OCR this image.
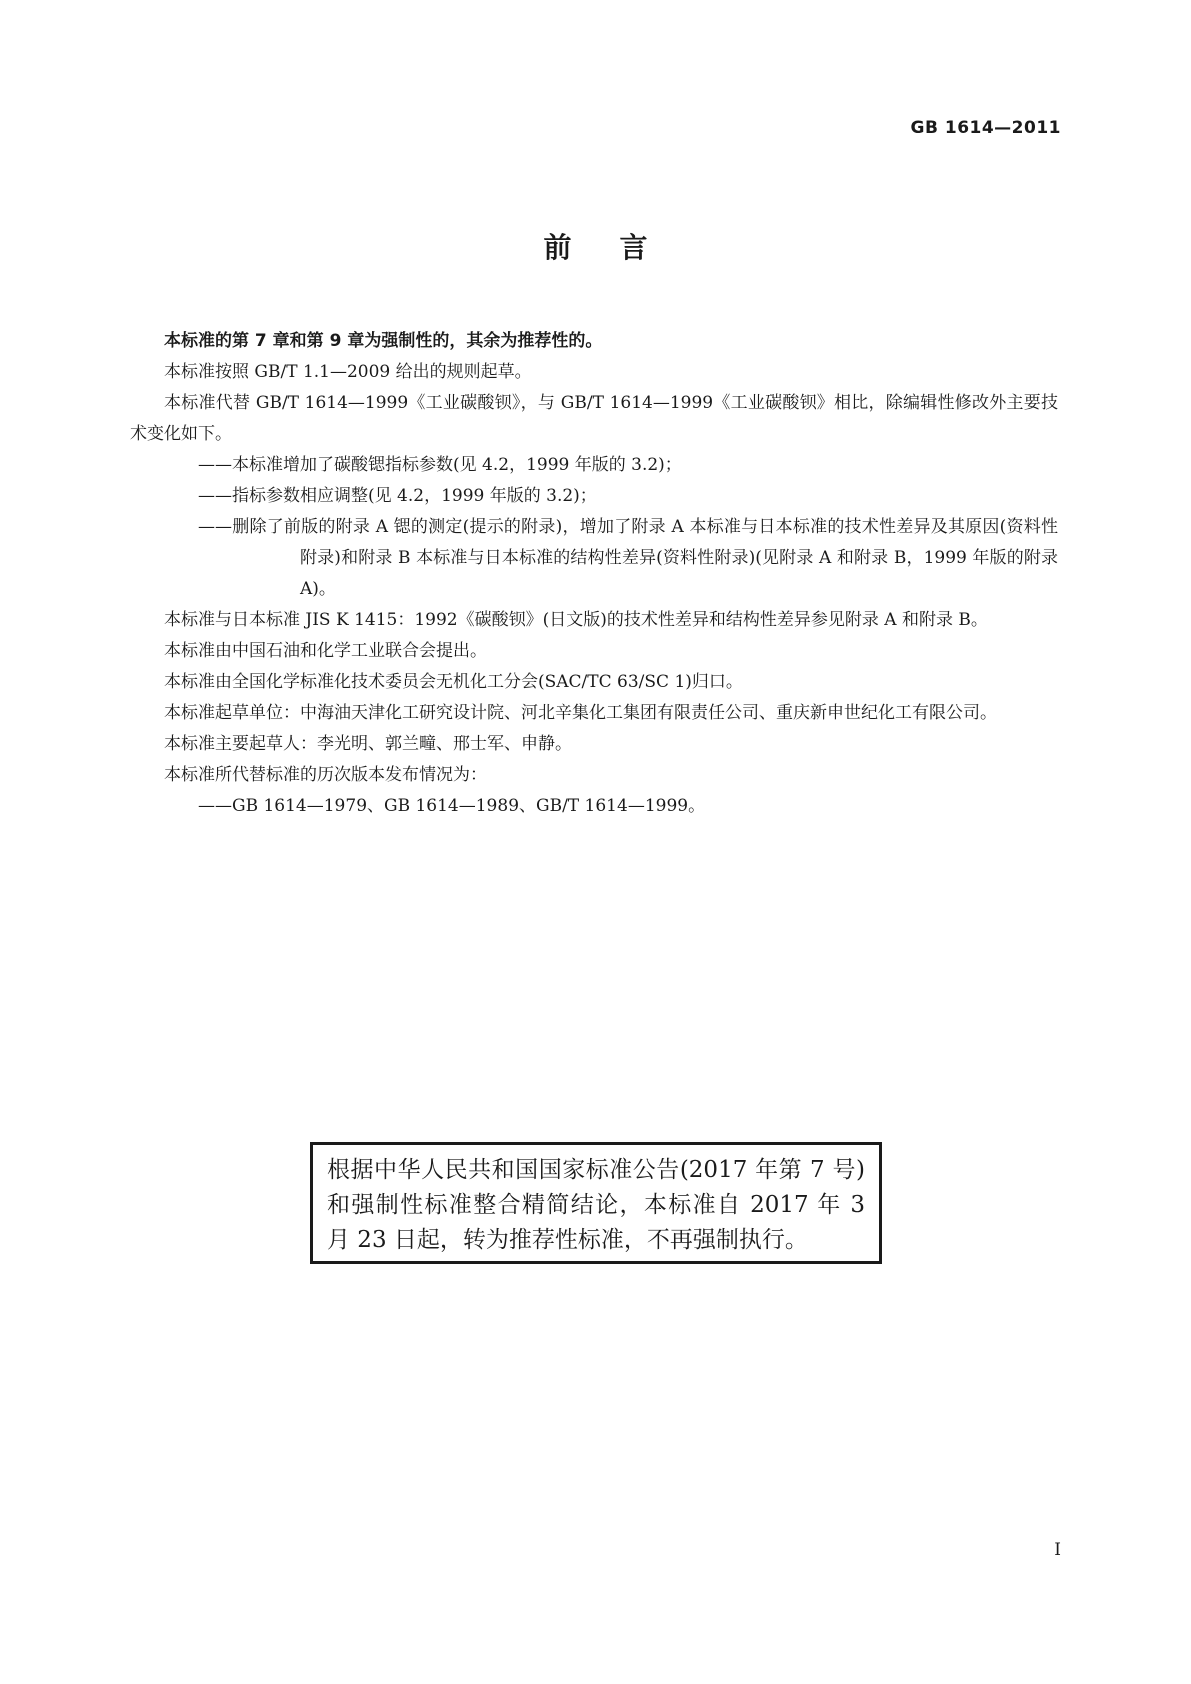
GB 1614—2011
前言

本标准的第 7 章和第 9 章为强制性的，其余为推荐性的。

本标准按照 GB/T 1.1—2009 给出的规则起草。

本标准代替 GB/T 1614—1999《工业碳酸钡》，与 GB/T 1614—1999《工业碳酸钡》相比，除编辑性修改外主要技术变化如下。

——本标准增加了碳酸锶指标参数(见 4.2，1999 年版的 3.2)；

——指标参数相应调整(见 4.2，1999 年版的 3.2)；

——删除了前版的附录 A 锶的测定(提示的附录)，增加了附录 A 本标准与日本标准的技术性差异及其原因(资料性附录)和附录 B 本标准与日本标准的结构性差异(资料性附录)(见附录 A 和附录 B，1999 年版的附录 A)。

本标准与日本标准 JIS K 1415：1992《碳酸钡》(日文版)的技术性差异和结构性差异参见附录 A 和附录 B。

本标准由中国石油和化学工业联合会提出。

本标准由全国化学标准化技术委员会无机化工分会(SAC/TC 63/SC 1)归口。

本标准起草单位：中海油天津化工研究设计院、河北辛集化工集团有限责任公司、重庆新申世纪化工有限公司。

本标准主要起草人：李光明、郭兰疃、邢士军、申静。

本标准所代替标准的历次版本发布情况为：

——GB 1614—1979、GB 1614—1989、GB/T 1614—1999。

根据中华人民共和国国家标准公告(2017 年第 7 号)和强制性标准整合精简结论，本标准自 2017 年 3 月 23 日起，转为推荐性标准，不再强制执行。
I
